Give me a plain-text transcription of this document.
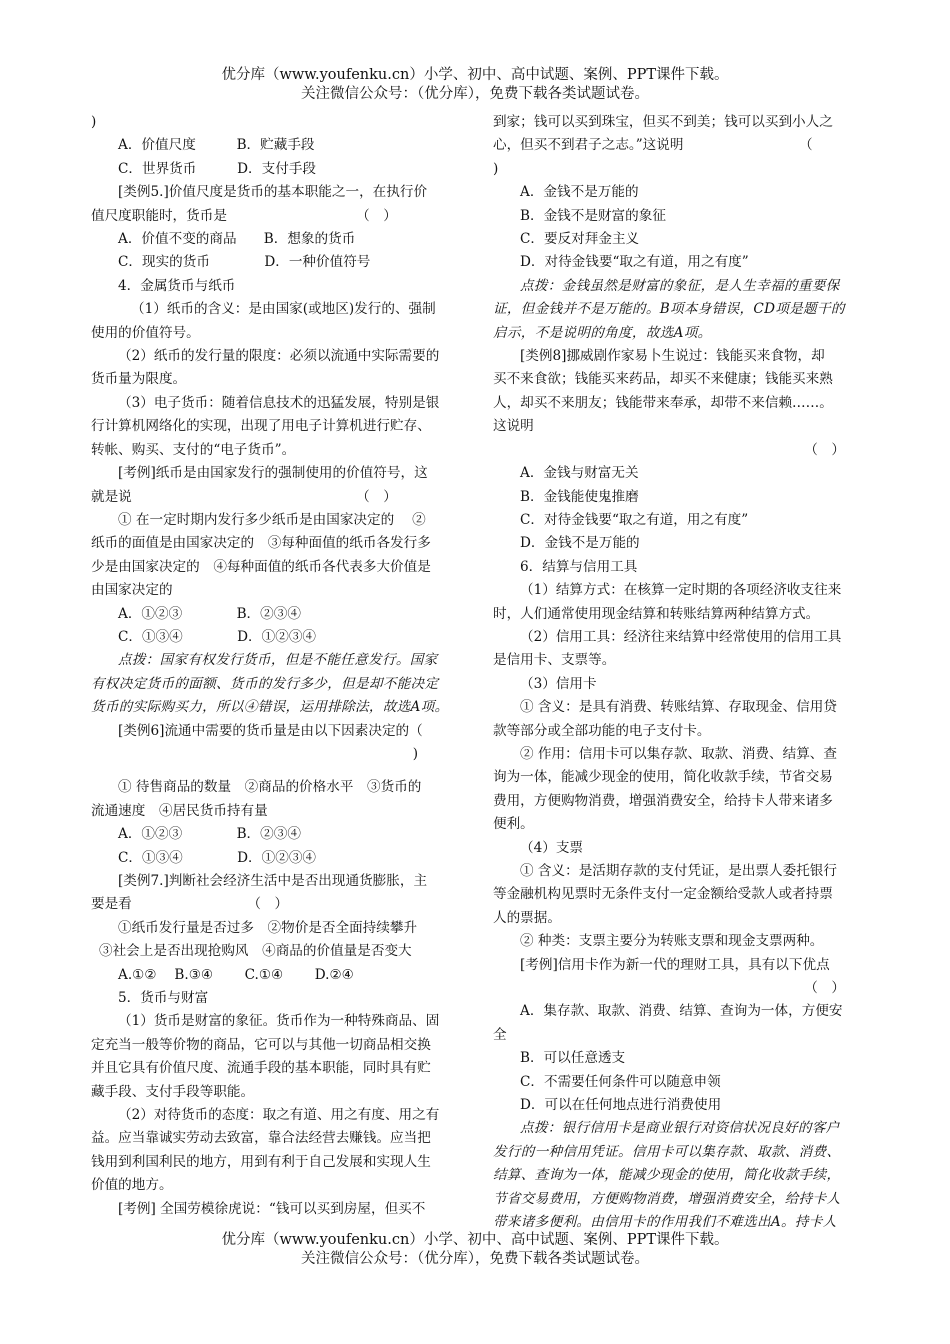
优分库（www.youfenku.cn）小学、初中、高中试题、案例、PPT课件下载。
关注微信公众号：（优分库），免费下载各类试题试卷。
)
A．价值尺度　　　B．贮藏手段
C．世界货币　　　D．支付手段
[类例5.]价值尺度是货币的基本职能之一，在执行价
值尺度职能时，货币是　　　　　　　　　　（　）
A．价值不变的商品　　B．想象的货币
C．现实的货币　　　　D．一种价值符号
4．金属货币与纸币
（1）纸币的含义：是由国家(或地区)发行的、强制
使用的价值符号。
（2）纸币的发行量的限度：必须以流通中实际需要的
货币量为限度。
（3）电子货币：随着信息技术的迅猛发展，特别是银
行计算机网络化的实现，出现了用电子计算机进行贮存、
转帐、购买、支付的“电子货币”。
[考例]纸币是由国家发行的强制使用的价值符号，这
就是说　　　　　　　　　　　　　　　　　（　）
① 在一定时期内发行多少纸币是由国家决定的　 ②
纸币的面值是由国家决定的　③每种面值的纸币各发行多
少是由国家决定的　④每种面值的纸币各代表多大价值是
由国家决定的
A．①②③　　　　B．②③④
C．①③④　　　　D．①②③④
点拨：国家有权发行货币，但是不能任意发行。国家
有权决定货币的面额、货币的发行多少，但是却不能决定
货币的实际购买力，所以④错误，运用排除法，故选A项。
[类例6]流通中需要的货币量是由以下因素决定的（
)
① 待售商品的数量　②商品的价格水平　③货币的
流通速度　④居民货币持有量
A．①②③　　　　B．②③④
C．①③④　　　　D．①②③④
[类例7.]判断社会经济生活中是否出现通货膨胀，主
要是看　　　　　　　　　（　）
①纸币发行量是否过多　②物价是否全面持续攀升
③社会上是否出现抢购风　④商品的价值量是否变大
A.①②　 B.③④　　 C.①④　　 D.②④
5．货币与财富
（1）货币是财富的象征。货币作为一种特殊商品、固
定充当一般等价物的商品，它可以与其他一切商品相交换
并且它具有价值尺度、流通手段的基本职能，同时具有贮
藏手段、支付手段等职能。
（2）对待货币的态度：取之有道、用之有度、用之有
益。应当靠诚实劳动去致富，靠合法经营去赚钱。应当把
钱用到利国利民的地方，用到有利于自己发展和实现人生
价值的地方。
[考例] 全国劳模徐虎说：“钱可以买到房屋，但买不
到家；钱可以买到珠宝，但买不到美；钱可以买到小人之
心，但买不到君子之志。”这说明　　　　　　　　　（
)
A．金钱不是万能的
B．金钱不是财富的象征
C．要反对拜金主义
D．对待金钱要“取之有道，用之有度”
点拨：金钱虽然是财富的象征，是人生幸福的重要保
证，但金钱并不是万能的。B项本身错误，CD项是题干的
启示，不是说明的角度，故选A项。
[类例8]挪威剧作家易卜生说过：钱能买来食物，却
买不来食欲；钱能买来药品，却买不来健康；钱能买来熟
人，却买不来朋友；钱能带来奉承，却带不来信赖……。
这说明
（　）
A．金钱与财富无关
B．金钱能使鬼推磨
C．对待金钱要“取之有道，用之有度”
D．金钱不是万能的
6．结算与信用工具
（1）结算方式：在核算一定时期的各项经济收支往来
时，人们通常使用现金结算和转账结算两种结算方式。
（2）信用工具：经济往来结算中经常使用的信用工具
是信用卡、支票等。
（3）信用卡
① 含义：是具有消费、转账结算、存取现金、信用贷
款等部分或全部功能的电子支付卡。
② 作用：信用卡可以集存款、取款、消费、结算、查
询为一体，能减少现金的使用，简化收款手续，节省交易
费用，方便购物消费，增强消费安全，给持卡人带来诸多
便利。
（4）支票
① 含义：是活期存款的支付凭证，是出票人委托银行
等金融机构见票时无条件支付一定金额给受款人或者持票
人的票据。
② 种类：支票主要分为转账支票和现金支票两种。
[考例]信用卡作为新一代的理财工具，具有以下优点
（　）
A．集存款、取款、消费、结算、查询为一体，方便安
全
B．可以任意透支
C．不需要任何条件可以随意申领
D．可以在任何地点进行消费使用
点拨：银行信用卡是商业银行对资信状况良好的客户
发行的一种信用凭证。信用卡可以集存款、取款、消费、
结算、查询为一体，能减少现金的使用，简化收款手续，
节省交易费用，方便购物消费，增强消费安全，给持卡人
带来诸多便利。由信用卡的作用我们不难选出A。持卡人
优分库（www.youfenku.cn）小学、初中、高中试题、案例、PPT课件下载。
关注微信公众号：（优分库），免费下载各类试题试卷。
